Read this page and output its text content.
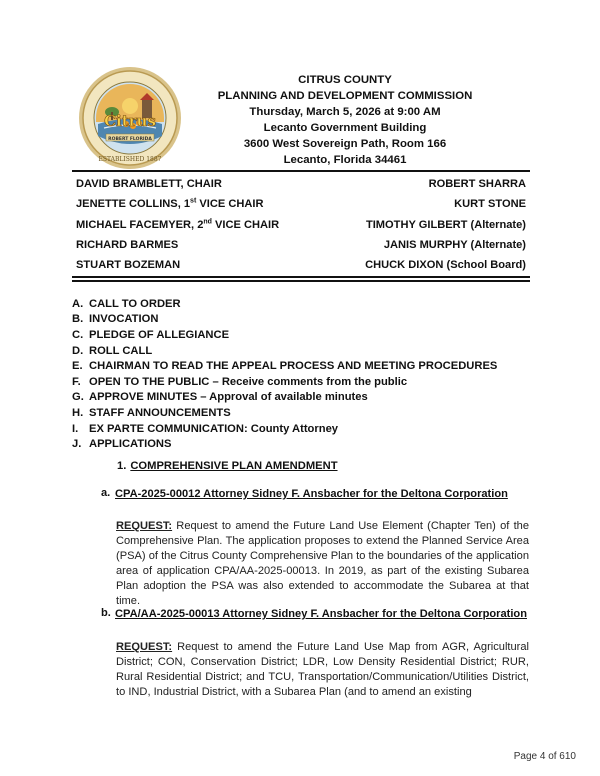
Citrus
ROBERT FLORIDA
ESTABLISHED 1887
CITRUS COUNTY
PLANNING AND DEVELOPMENT COMMISSION
Thursday, March 5, 2026 at 9:00 AM
Lecanto Government Building
3600 West Sovereign Path, Room 166
Lecanto, Florida 34461
DAVID BRAMBLETT, CHAIR	ROBERT SHARRA
JENETTE COLLINS, 1st VICE CHAIR	KURT STONE
MICHAEL FACEMYER, 2nd VICE CHAIR	TIMOTHY GILBERT (Alternate)
RICHARD BARMES	JANIS MURPHY (Alternate)
STUART BOZEMAN	CHUCK DIXON (School Board)
A. CALL TO ORDER
B. INVOCATION
C. PLEDGE OF ALLEGIANCE
D. ROLL CALL
E. CHAIRMAN TO READ THE APPEAL PROCESS AND MEETING PROCEDURES
F. OPEN TO THE PUBLIC – Receive comments from the public
G. APPROVE MINUTES – Approval of available minutes
H. STAFF ANNOUNCEMENTS
I. EX PARTE COMMUNICATION: County Attorney
J. APPLICATIONS
1. COMPREHENSIVE PLAN AMENDMENT
a. CPA-2025-00012 Attorney Sidney F. Ansbacher for the Deltona Corporation
REQUEST: Request to amend the Future Land Use Element (Chapter Ten) of the Comprehensive Plan. The application proposes to extend the Planned Service Area (PSA) of the Citrus County Comprehensive Plan to the boundaries of the application area of application CPA/AA-2025-00013. In 2019, as part of the existing Subarea Plan adoption the PSA was also extended to accommodate the Subarea at that time.
b. CPA/AA-2025-00013 Attorney Sidney F. Ansbacher for the Deltona Corporation
REQUEST: Request to amend the Future Land Use Map from AGR, Agricultural District; CON, Conservation District; LDR, Low Density Residential District; RUR, Rural Residential District; and TCU, Transportation/Communication/Utilities District, to IND, Industrial District, with a Subarea Plan (and to amend an existing
Page 4 of 610
